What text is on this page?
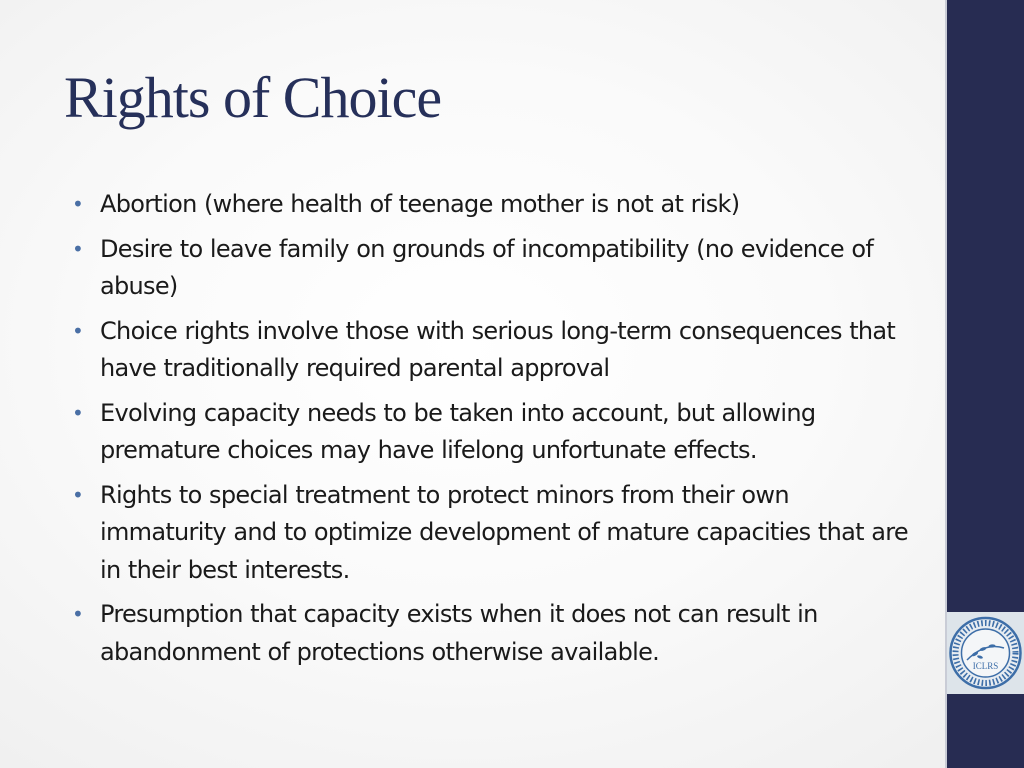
Rights of Choice
• Abortion (where health of teenage mother is not at risk)
• Desire to leave family on grounds of incompatibility (no evidence of abuse)
• Choice rights involve those with serious long-term consequences that have traditionally required parental approval
• Evolving capacity needs to be taken into account, but allowing premature choices may have lifelong unfortunate effects.
• Rights to special treatment to protect minors from their own immaturity and to optimize development of mature capacities that are in their best interests.
• Presumption that capacity exists when it does not can result in abandonment of protections otherwise available.
ICLRS
